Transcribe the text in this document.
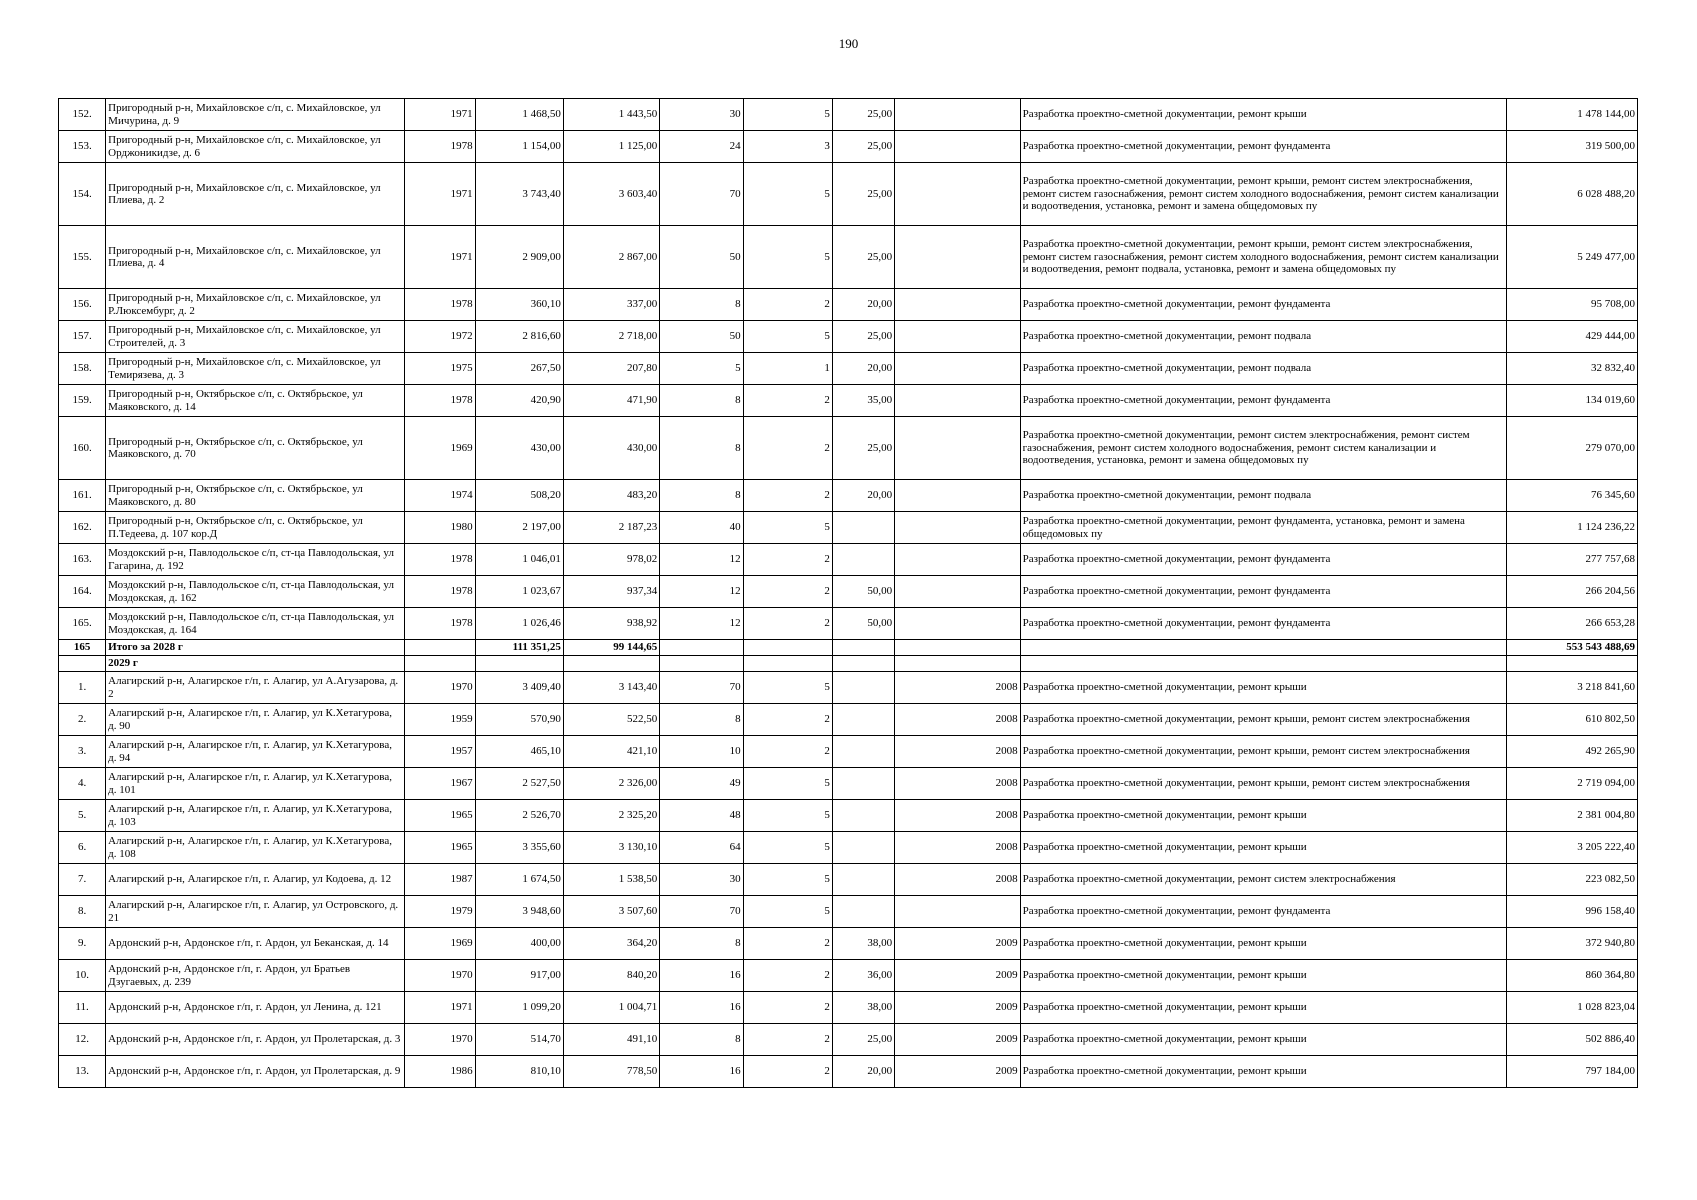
190
152.	Пригородный р-н, Михайловское с/п, с. Михайловское, ул Мичурина, д. 9	1971	1 468,50	1 443,50	30	5	25,00		Разработка проектно-сметной документации, ремонт крыши	1 478 144,00
153.	Пригородный р-н, Михайловское с/п, с. Михайловское, ул Орджоникидзе, д. 6	1978	1 154,00	1 125,00	24	3	25,00		Разработка проектно-сметной документации, ремонт фундамента	319 500,00
154.	Пригородный р-н, Михайловское с/п, с. Михайловское, ул Плиева, д. 2	1971	3 743,40	3 603,40	70	5	25,00		Разработка проектно-сметной документации, ремонт крыши, ремонт систем электроснабжения, ремонт систем газоснабжения, ремонт систем холодного водоснабжения, ремонт систем канализации и водоотведения, установка, ремонт и замена общедомовых пу	6 028 488,20
155.	Пригородный р-н, Михайловское с/п, с. Михайловское, ул Плиева, д. 4	1971	2 909,00	2 867,00	50	5	25,00		Разработка проектно-сметной документации, ремонт крыши, ремонт систем электроснабжения, ремонт систем газоснабжения, ремонт систем холодного водоснабжения, ремонт систем канализации и водоотведения, ремонт подвала, установка, ремонт и замена общедомовых пу	5 249 477,00
156.	Пригородный р-н, Михайловское с/п, с. Михайловское, ул Р.Люксембург, д. 2	1978	360,10	337,00	8	2	20,00		Разработка проектно-сметной документации, ремонт фундамента	95 708,00
157.	Пригородный р-н, Михайловское с/п, с. Михайловское, ул Строителей, д. 3	1972	2 816,60	2 718,00	50	5	25,00		Разработка проектно-сметной документации, ремонт подвала	429 444,00
158.	Пригородный р-н, Михайловское с/п, с. Михайловское, ул Темирязева, д. 3	1975	267,50	207,80	5	1	20,00		Разработка проектно-сметной документации, ремонт подвала	32 832,40
159.	Пригородный р-н, Октябрьское с/п, с. Октябрьское, ул Маяковского, д. 14	1978	420,90	471,90	8	2	35,00		Разработка проектно-сметной документации, ремонт фундамента	134 019,60
160.	Пригородный р-н, Октябрьское с/п, с. Октябрьское, ул Маяковского, д. 70	1969	430,00	430,00	8	2	25,00		Разработка проектно-сметной документации, ремонт систем электроснабжения, ремонт систем газоснабжения, ремонт систем холодного водоснабжения, ремонт систем канализации и водоотведения, установка, ремонт и замена общедомовых пу	279 070,00
161.	Пригородный р-н, Октябрьское с/п, с. Октябрьское, ул Маяковского, д. 80	1974	508,20	483,20	8	2	20,00		Разработка проектно-сметной документации, ремонт подвала	76 345,60
162.	Пригородный р-н, Октябрьское с/п, с. Октябрьское, ул П.Тедеева, д. 107 кор.Д	1980	2 197,00	2 187,23	40	5			Разработка проектно-сметной документации, ремонт фундамента, установка, ремонт и замена общедомовых пу	1 124 236,22
163.	Моздокский р-н, Павлодольское с/п, ст-ца Павлодольская, ул Гагарина, д. 192	1978	1 046,01	978,02	12	2			Разработка проектно-сметной документации, ремонт фундамента	277 757,68
164.	Моздокский р-н, Павлодольское с/п, ст-ца Павлодольская, ул Моздокская, д. 162	1978	1 023,67	937,34	12	2	50,00		Разработка проектно-сметной документации, ремонт фундамента	266 204,56
165.	Моздокский р-н, Павлодольское с/п, ст-ца Павлодольская, ул Моздокская, д. 164	1978	1 026,46	938,92	12	2	50,00		Разработка проектно-сметной документации, ремонт фундамента	266 653,28
165	Итого за 2028 г		111 351,25	99 144,65						553 543 488,69
	2029 г									
1.	Алагирский р-н, Алагирское г/п, г. Алагир, ул А.Агузарова, д. 2	1970	3 409,40	3 143,40	70	5		2008	Разработка проектно-сметной документации, ремонт крыши	3 218 841,60
2.	Алагирский р-н, Алагирское г/п, г. Алагир, ул К.Хетагурова, д. 90	1959	570,90	522,50	8	2		2008	Разработка проектно-сметной документации, ремонт крыши, ремонт систем электроснабжения	610 802,50
3.	Алагирский р-н, Алагирское г/п, г. Алагир, ул К.Хетагурова, д. 94	1957	465,10	421,10	10	2		2008	Разработка проектно-сметной документации, ремонт крыши, ремонт систем электроснабжения	492 265,90
4.	Алагирский р-н, Алагирское г/п, г. Алагир, ул К.Хетагурова, д. 101	1967	2 527,50	2 326,00	49	5		2008	Разработка проектно-сметной документации, ремонт крыши, ремонт систем электроснабжения	2 719 094,00
5.	Алагирский р-н, Алагирское г/п, г. Алагир, ул К.Хетагурова, д. 103	1965	2 526,70	2 325,20	48	5		2008	Разработка проектно-сметной документации, ремонт крыши	2 381 004,80
6.	Алагирский р-н, Алагирское г/п, г. Алагир, ул К.Хетагурова, д. 108	1965	3 355,60	3 130,10	64	5		2008	Разработка проектно-сметной документации, ремонт крыши	3 205 222,40
7.	Алагирский р-н, Алагирское г/п, г. Алагир, ул Кодоева, д. 12	1987	1 674,50	1 538,50	30	5		2008	Разработка проектно-сметной документации, ремонт систем электроснабжения	223 082,50
8.	Алагирский р-н, Алагирское г/п, г. Алагир, ул Островского, д. 21	1979	3 948,60	3 507,60	70	5			Разработка проектно-сметной документации, ремонт фундамента	996 158,40
9.	Ардонский р-н, Ардонское г/п, г. Ардон, ул Беканская, д. 14	1969	400,00	364,20	8	2	38,00	2009	Разработка проектно-сметной документации, ремонт крыши	372 940,80
10.	Ардонский р-н, Ардонское г/п, г. Ардон, ул Братьев Дзугаевых, д. 239	1970	917,00	840,20	16	2	36,00	2009	Разработка проектно-сметной документации, ремонт крыши	860 364,80
11.	Ардонский р-н, Ардонское г/п, г. Ардон, ул Ленина, д. 121	1971	1 099,20	1 004,71	16	2	38,00	2009	Разработка проектно-сметной документации, ремонт крыши	1 028 823,04
12.	Ардонский р-н, Ардонское г/п, г. Ардон, ул Пролетарская, д. 3	1970	514,70	491,10	8	2	25,00	2009	Разработка проектно-сметной документации, ремонт крыши	502 886,40
13.	Ардонский р-н, Ардонское г/п, г. Ардон, ул Пролетарская, д. 9	1986	810,10	778,50	16	2	20,00	2009	Разработка проектно-сметной документации, ремонт крыши	797 184,00
